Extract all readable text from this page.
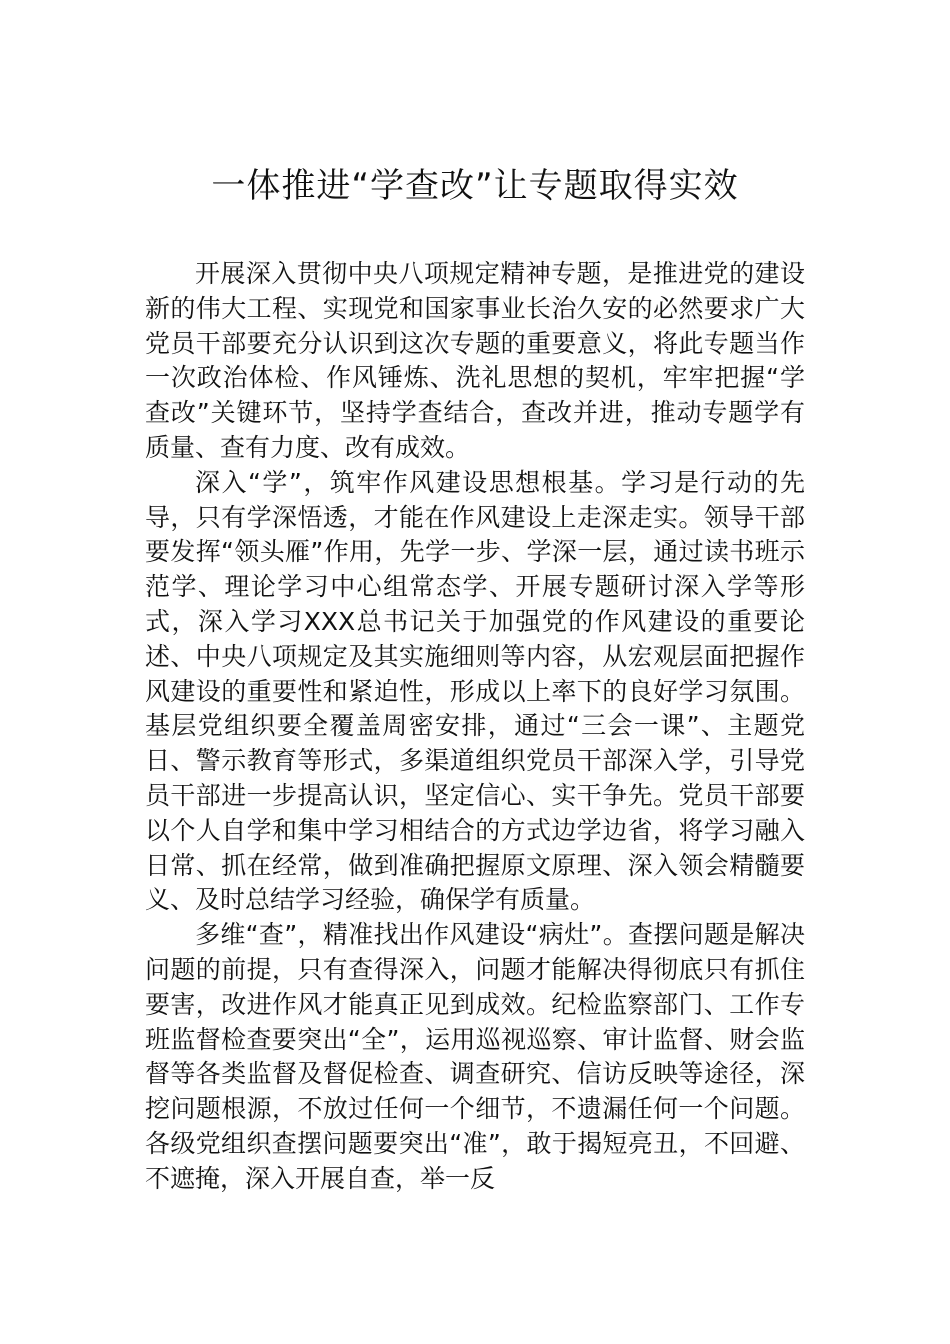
一体推进“学查改”让专题取得实效

开展深入贯彻中央八项规定精神专题，是推进党的建设新的伟大工程、实现党和国家事业长治久安的必然要求广大党员干部要充分认识到这次专题的重要意义，将此专题当作一次政治体检、作风锤炼、洗礼思想的契机，牢牢把握“学查改”关键环节，坚持学查结合，查改并进，推动专题学有质量、查有力度、改有成效。

深入“学”，筑牢作风建设思想根基。学习是行动的先导，只有学深悟透，才能在作风建设上走深走实。领导干部要发挥“领头雁”作用，先学一步、学深一层，通过读书班示范学、理论学习中心组常态学、开展专题研讨深入学等形式，深入学习XXX总书记关于加强党的作风建设的重要论述、中央八项规定及其实施细则等内容，从宏观层面把握作风建设的重要性和紧迫性，形成以上率下的良好学习氛围。基层党组织要全覆盖周密安排，通过“三会一课”、主题党日、警示教育等形式，多渠道组织党员干部深入学，引导党员干部进一步提高认识，坚定信心、实干争先。党员干部要以个人自学和集中学习相结合的方式边学边省，将学习融入日常、抓在经常，做到准确把握原文原理、深入领会精髓要义、及时总结学习经验，确保学有质量。

多维“查”，精准找出作风建设“病灶”。查摆问题是解决问题的前提，只有查得深入，问题才能解决得彻底只有抓住要害，改进作风才能真正见到成效。纪检监察部门、工作专班监督检查要突出“全”，运用巡视巡察、审计监督、财会监督等各类监督及督促检查、调查研究、信访反映等途径，深挖问题根源，不放过任何一个细节，不遗漏任何一个问题。各级党组织查摆问题要突出“准”，敢于揭短亮丑，不回避、不遮掩，深入开展自查，举一反
